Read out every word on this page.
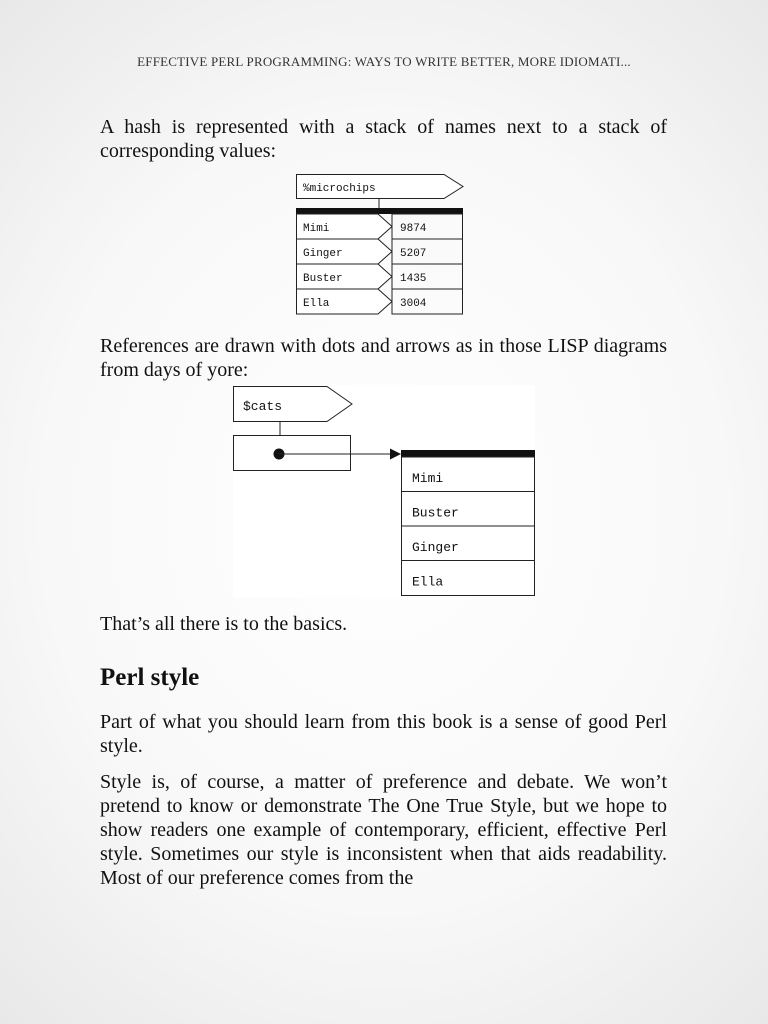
EFFECTIVE PERL PROGRAMMING: WAYS TO WRITE BETTER, MORE IDIOMATI...

A hash is represented with a stack of names next to a stack of corresponding values:

%microchips
Mimi
Ginger
Buster
Ella
9874
5207
1435
3004

References are drawn with dots and arrows as in those LISP diagrams from days of yore:

$cats
Mimi
Buster
Ginger
Ella

That’s all there is to the basics.

Perl style

Part of what you should learn from this book is a sense of good Perl style.

Style is, of course, a matter of preference and debate. We won’t pretend to know or demonstrate The One True Style, but we hope to show readers one example of contemporary, efficient, effective Perl style. Sometimes our style is inconsistent when that aids readability. Most of our preference comes from the
